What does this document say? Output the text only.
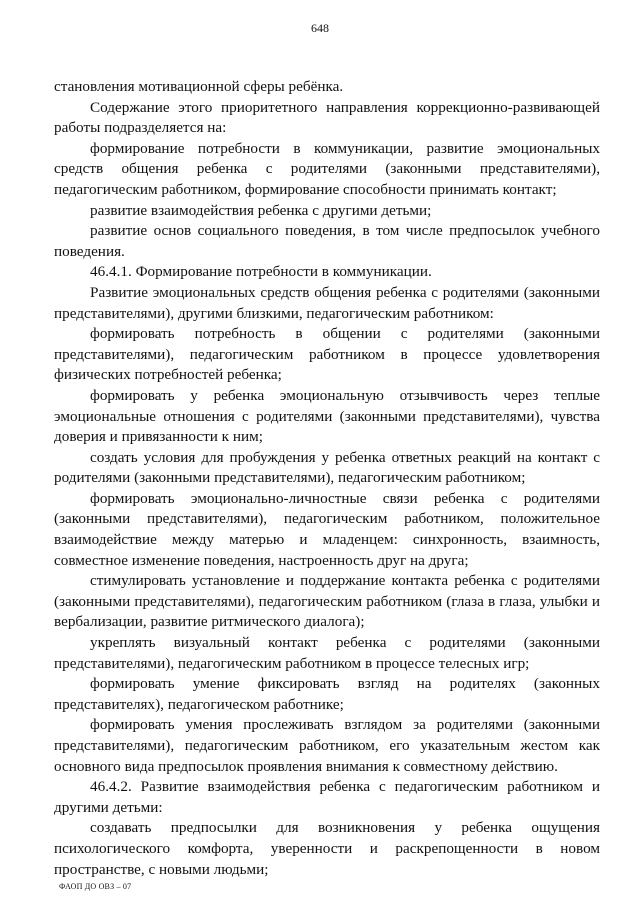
648

становления мотивационной сферы ребёнка.

Содержание этого приоритетного направления коррекционно-развивающей работы подразделяется на:

формирование потребности в коммуникации, развитие эмоциональных средств общения ребенка с родителями (законными представителями), педагогическим работником, формирование способности принимать контакт;

развитие взаимодействия ребенка с другими детьми;

развитие основ социального поведения, в том числе предпосылок учебного поведения.

46.4.1. Формирование потребности в коммуникации.

Развитие эмоциональных средств общения ребенка с родителями (законными представителями), другими близкими, педагогическим работником:

формировать потребность в общении с родителями (законными представителями), педагогическим работником в процессе удовлетворения физических потребностей ребенка;

формировать у ребенка эмоциональную отзывчивость через теплые эмоциональные отношения с родителями (законными представителями), чувства доверия и привязанности к ним;

создать условия для пробуждения у ребенка ответных реакций на контакт с родителями (законными представителями), педагогическим работником;

формировать эмоционально-личностные связи ребенка с родителями (законными представителями), педагогическим работником, положительное взаимодействие между матерью и младенцем: синхронность, взаимность, совместное изменение поведения, настроенность друг на друга;

стимулировать установление и поддержание контакта ребенка с родителями (законными представителями), педагогическим работником (глаза в глаза, улыбки и вербализации, развитие ритмического диалога);

укреплять визуальный контакт ребенка с родителями (законными представителями), педагогическим работником в процессе телесных игр;

формировать умение фиксировать взгляд на родителях (законных представителях), педагогическом работнике;

формировать умения прослеживать взглядом за родителями (законными представителями), педагогическим работником, его указательным жестом как основного вида предпосылок проявления внимания к совместному действию.

46.4.2. Развитие взаимодействия ребенка с педагогическим работником и другими детьми:

создавать предпосылки для возникновения у ребенка ощущения психологического комфорта, уверенности и раскрепощенности в новом пространстве, с новыми людьми;

ФАОП ДО ОВЗ – 07
